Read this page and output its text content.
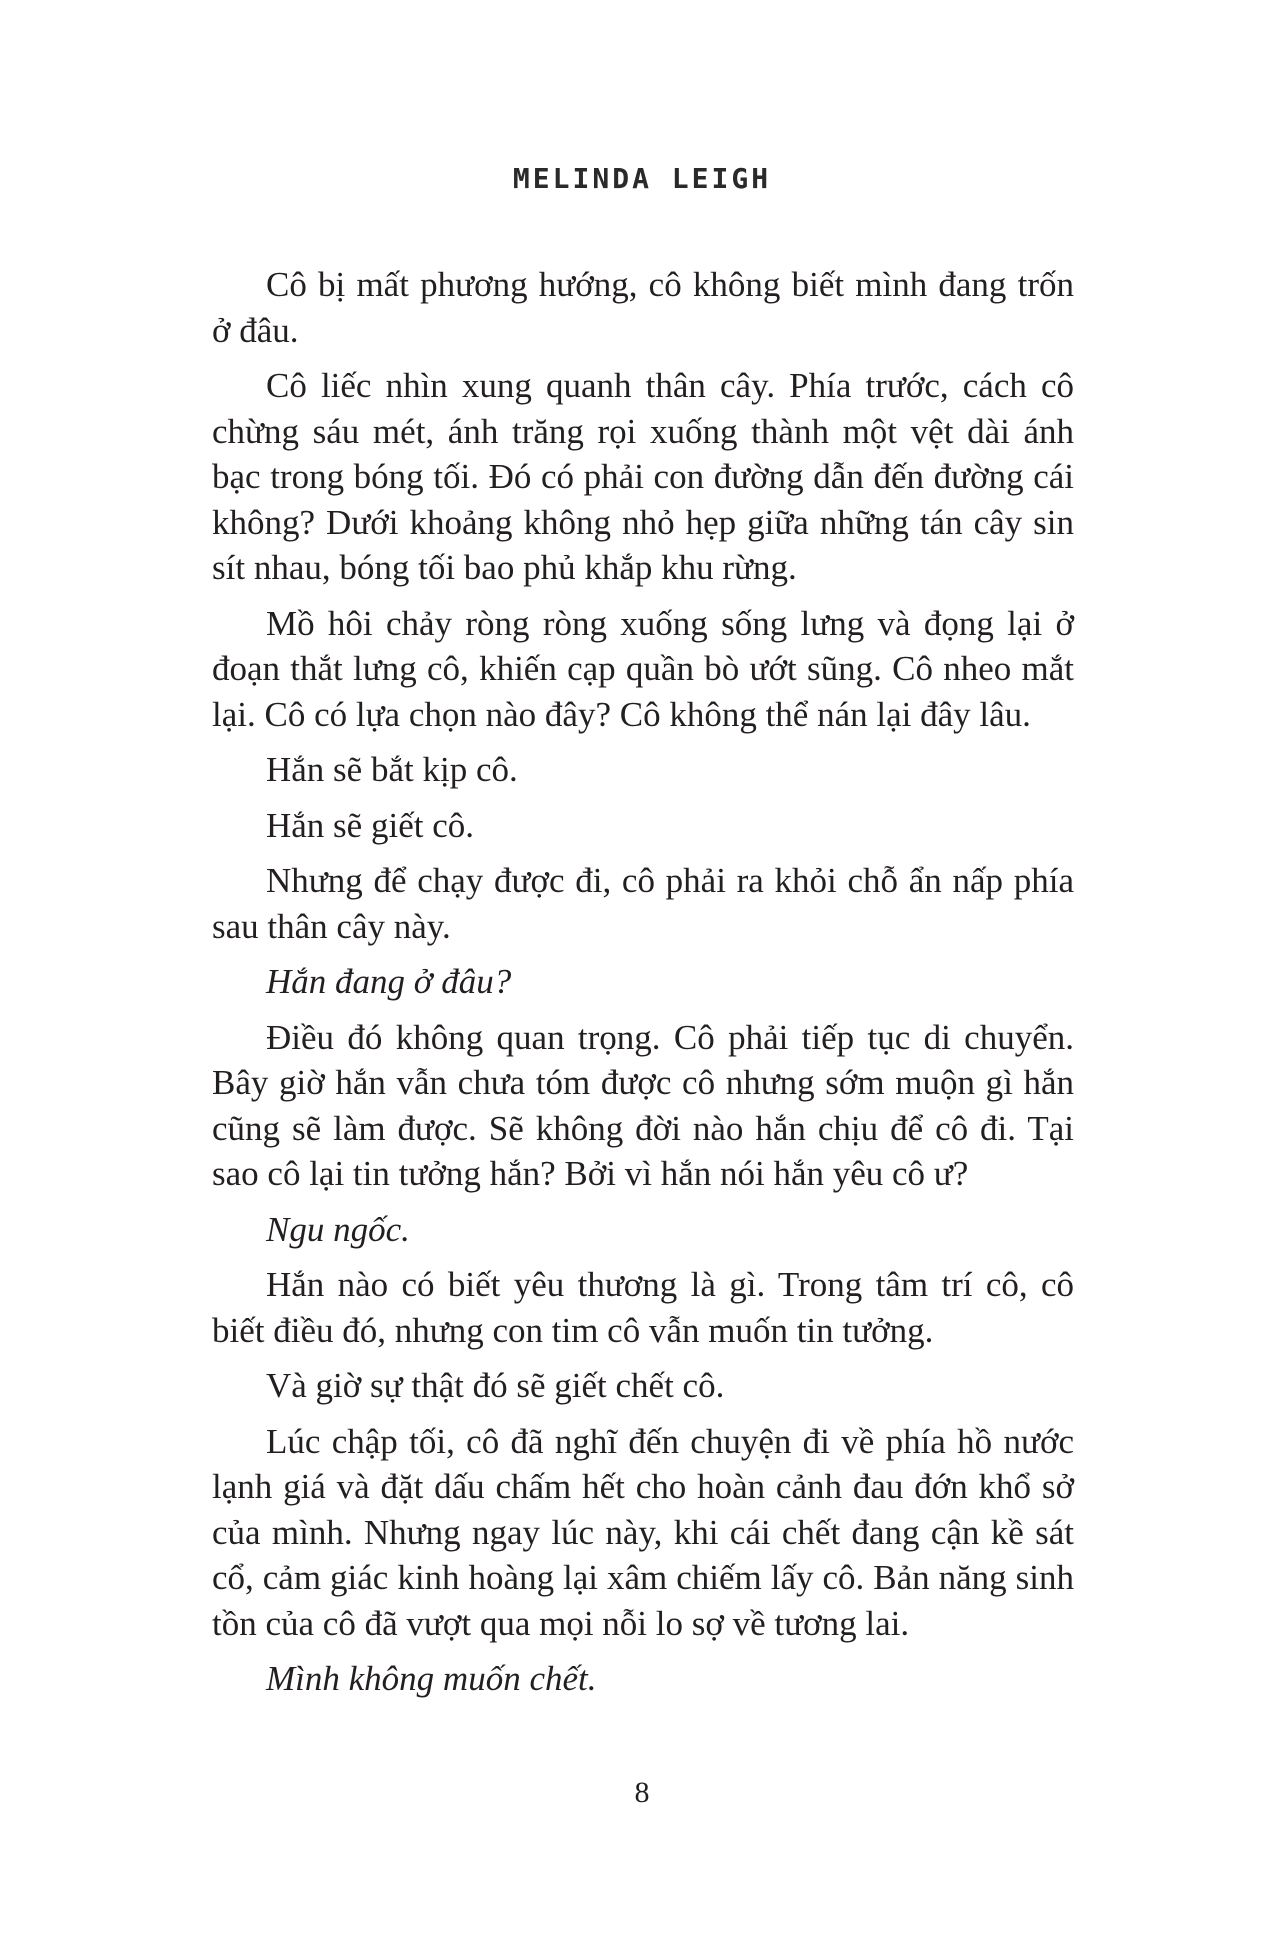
MELINDA LEIGH

Cô bị mất phương hướng, cô không biết mình đang trốn ở đâu.

Cô liếc nhìn xung quanh thân cây. Phía trước, cách cô chừng sáu mét, ánh trăng rọi xuống thành một vệt dài ánh bạc trong bóng tối. Đó có phải con đường dẫn đến đường cái không? Dưới khoảng không nhỏ hẹp giữa những tán cây sin sít nhau, bóng tối bao phủ khắp khu rừng.

Mồ hôi chảy ròng ròng xuống sống lưng và đọng lại ở đoạn thắt lưng cô, khiến cạp quần bò ướt sũng. Cô nheo mắt lại. Cô có lựa chọn nào đây? Cô không thể nán lại đây lâu.

Hắn sẽ bắt kịp cô.

Hắn sẽ giết cô.

Nhưng để chạy được đi, cô phải ra khỏi chỗ ẩn nấp phía sau thân cây này.

Hắn đang ở đâu?

Điều đó không quan trọng. Cô phải tiếp tục di chuyển. Bây giờ hắn vẫn chưa tóm được cô nhưng sớm muộn gì hắn cũng sẽ làm được. Sẽ không đời nào hắn chịu để cô đi. Tại sao cô lại tin tưởng hắn? Bởi vì hắn nói hắn yêu cô ư?

Ngu ngốc.

Hắn nào có biết yêu thương là gì. Trong tâm trí cô, cô biết điều đó, nhưng con tim cô vẫn muốn tin tưởng.

Và giờ sự thật đó sẽ giết chết cô.

Lúc chập tối, cô đã nghĩ đến chuyện đi về phía hồ nước lạnh giá và đặt dấu chấm hết cho hoàn cảnh đau đớn khổ sở của mình. Nhưng ngay lúc này, khi cái chết đang cận kề sát cổ, cảm giác kinh hoàng lại xâm chiếm lấy cô. Bản năng sinh tồn của cô đã vượt qua mọi nỗi lo sợ về tương lai.

Mình không muốn chết.

8
